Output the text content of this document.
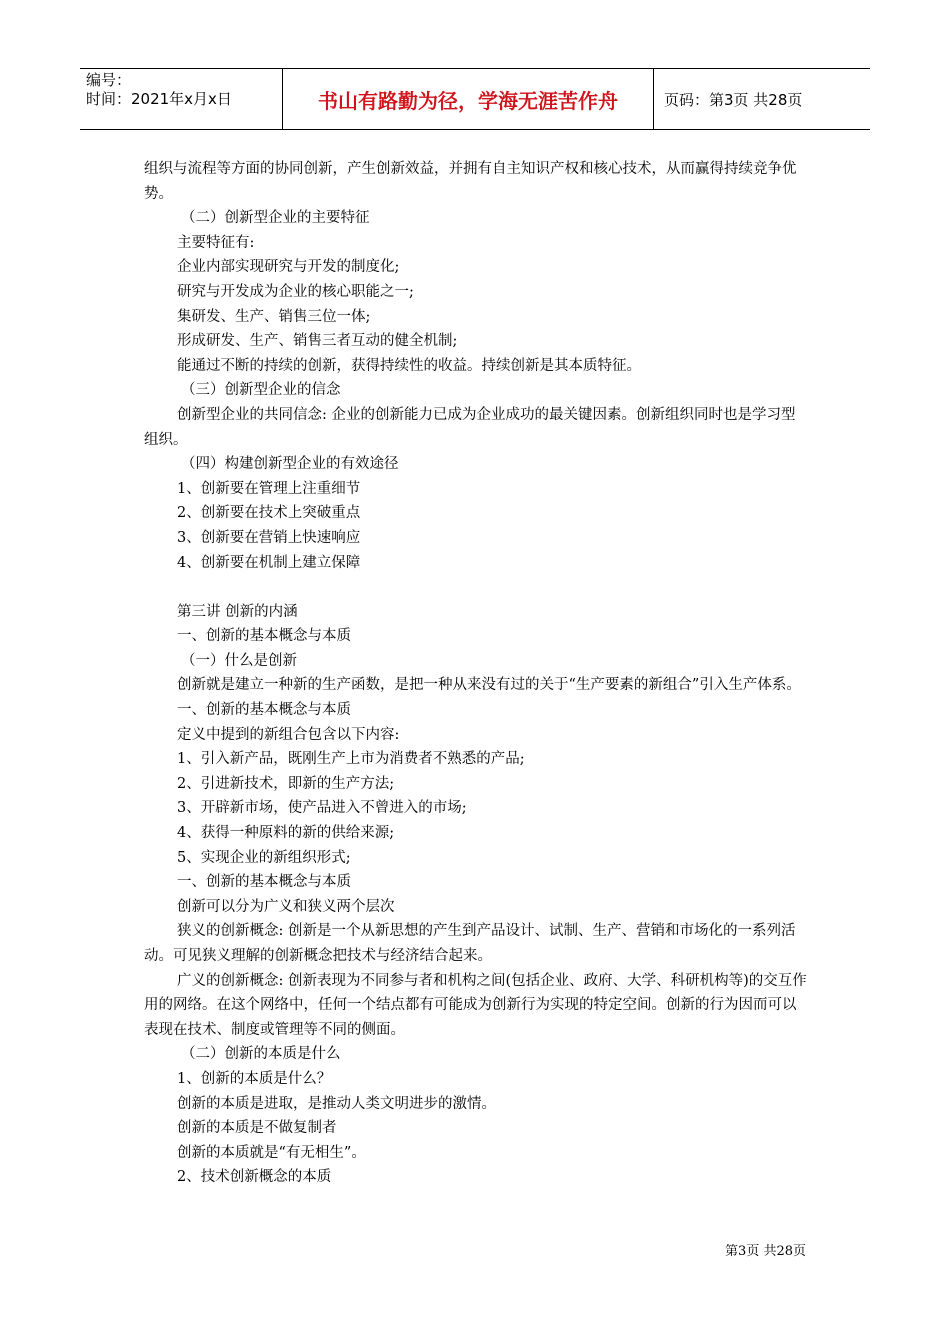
编号：
时间：2021年x月x日	书山有路勤为径，学海无涯苦作舟	页码：第3页 共28页

组织与流程等方面的协同创新，产生创新效益，并拥有自主知识产权和核心技术，从而赢得持续竞争优势。

（二）创新型企业的主要特征

主要特征有:

企业内部实现研究与开发的制度化;

研究与开发成为企业的核心职能之一;

集研发、生产、销售三位一体;

形成研发、生产、销售三者互动的健全机制;

能通过不断的持续的创新，获得持续性的收益。持续创新是其本质特征。

（三）创新型企业的信念

创新型企业的共同信念: 企业的创新能力已成为企业成功的最关键因素。创新组织同时也是学习型组织。

（四）构建创新型企业的有效途径

1、创新要在管理上注重细节

2、创新要在技术上突破重点

3、创新要在营销上快速响应

4、创新要在机制上建立保障

第三讲 创新的内涵

一、创新的基本概念与本质

（一）什么是创新

创新就是建立一种新的生产函数，是把一种从来没有过的关于“生产要素的新组合”引入生产体系。

一、创新的基本概念与本质

定义中提到的新组合包含以下内容:

1、引入新产品，既刚生产上市为消费者不熟悉的产品;

2、引进新技术，即新的生产方法;

3、开辟新市场，使产品进入不曾进入的市场;

4、获得一种原料的新的供给来源;

5、实现企业的新组织形式;

一、创新的基本概念与本质

创新可以分为广义和狭义两个层次

狭义的创新概念: 创新是一个从新思想的产生到产品设计、试制、生产、营销和市场化的一系列活动。可见狭义理解的创新概念把技术与经济结合起来。

广义的创新概念: 创新表现为不同参与者和机构之间(包括企业、政府、大学、科研机构等)的交互作用的网络。在这个网络中，任何一个结点都有可能成为创新行为实现的特定空间。创新的行为因而可以表现在技术、制度或管理等不同的侧面。

（二）创新的本质是什么

1、创新的本质是什么？

创新的本质是进取，是推动人类文明进步的激情。

创新的本质是不做复制者

创新的本质就是“有无相生”。

2、技术创新概念的本质

第3页 共28页
